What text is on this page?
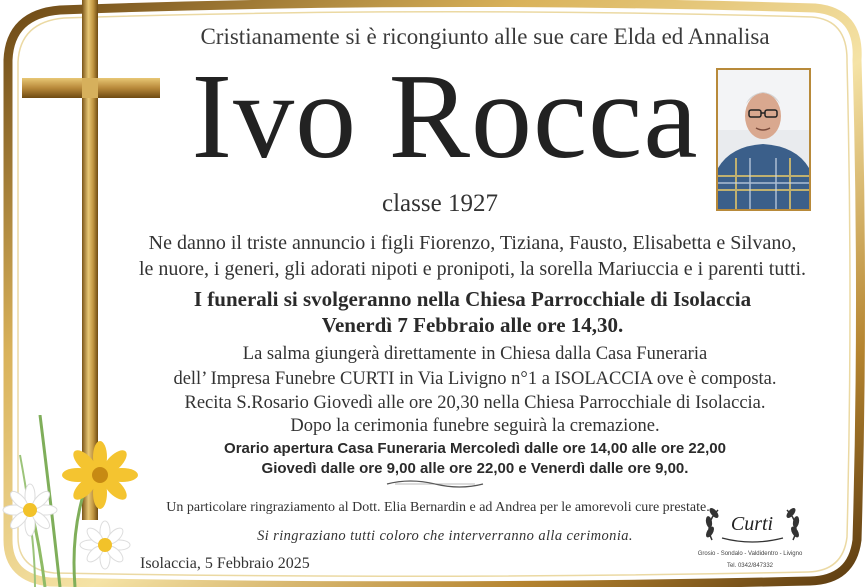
Cristianamente si è ricongiunto alle sue care Elda ed Annalisa
Ivo Rocca
classe 1927
Ne danno il triste annuncio i figli Fiorenzo, Tiziana, Fausto, Elisabetta e Silvano,
le nuore, i generi, gli adorati nipoti e pronipoti, la sorella Mariuccia e i parenti tutti.
I funerali si svolgeranno nella Chiesa Parrocchiale di Isolaccia
Venerdì 7 Febbraio alle ore 14,30.
La salma giungerà direttamente in Chiesa dalla Casa Funeraria
dell’ Impresa Funebre CURTI in Via Livigno n°1 a ISOLACCIA ove è composta.
Recita S.Rosario Giovedì alle ore 20,30 nella Chiesa Parrocchiale di Isolaccia.
Dopo la cerimonia funebre seguirà la cremazione.
Orario apertura Casa Funeraria Mercoledì dalle ore 14,00 alle ore 22,00
Giovedì dalle ore 9,00 alle ore 22,00 e Venerdì dalle ore 9,00.
Un particolare ringraziamento al Dott. Elia Bernardin e ad Andrea per le amorevoli cure prestate.
Si ringraziano tutti coloro che interverranno alla cerimonia.
Isolaccia, 5 Febbraio 2025
Curti
Grosio - Sondalo - Valdidentro - Livigno
Tel. 0342/847332
